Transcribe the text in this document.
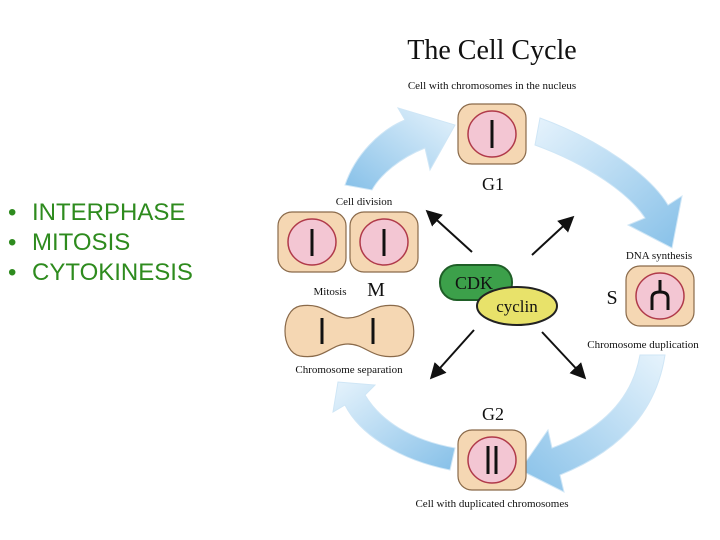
• INTERPHASE
• MITOSIS
• CYTOKINESIS
The Cell Cycle
Cell with chromosomes in the nucleus
G1
Cell division
Mitosis M
Chromosome separation
CDK
cyclin
DNA synthesis
S
Chromosome duplication
G2
Cell with duplicated chromosomes
